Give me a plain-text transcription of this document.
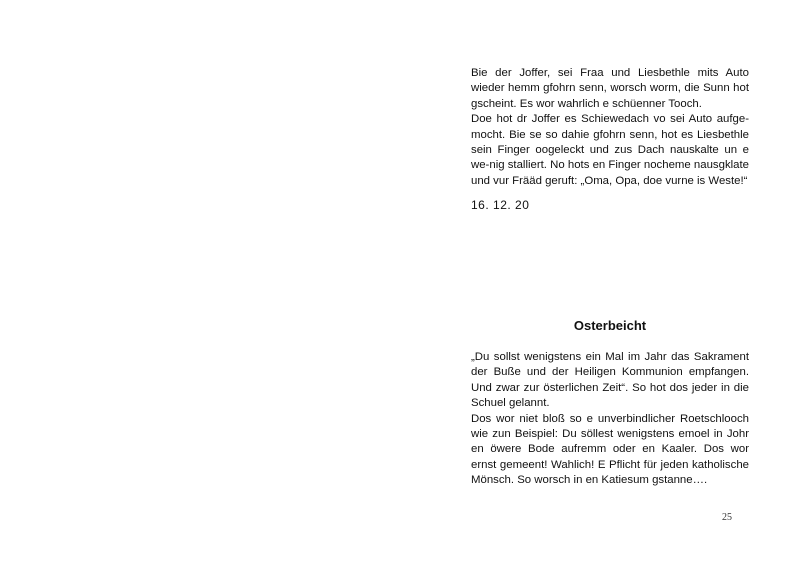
Bie der Joffer, sei Fraa und Liesbethle mits Auto wieder hemm gfohrn senn, worsch worm, die Sunn hot gscheint. Es wor wahrlich e schüenner Tooch.

Doe hot dr Joffer es Schiewedach vo sei Auto aufge-mocht. Bie se so dahie gfohrn senn, hot es Liesbethle sein Finger oogeleckt und zus Dach nauskalte un e we-nig stalliert. No hots en Finger nocheme nausgklate und vur Frääd geruft: „Oma, Opa, doe vurne is Weste!“

16. 12. 20
Osterbeicht

„Du sollst wenigstens ein Mal im Jahr das Sakrament der Buße und der Heiligen Kommunion empfangen. Und zwar zur österlichen Zeit“. So hot dos jeder in die Schuel gelannt.

Dos wor niet bloß so e unverbindlicher Roetschlooch wie zun Beispiel: Du söllest wenigstens emoel in Johr en öwere Bode aufremm oder en Kaaler. Dos wor ernst gemeent! Wahlich! E Pflicht für jeden katholische Mönsch. So worsch in en Katiesum gstanne….

25
